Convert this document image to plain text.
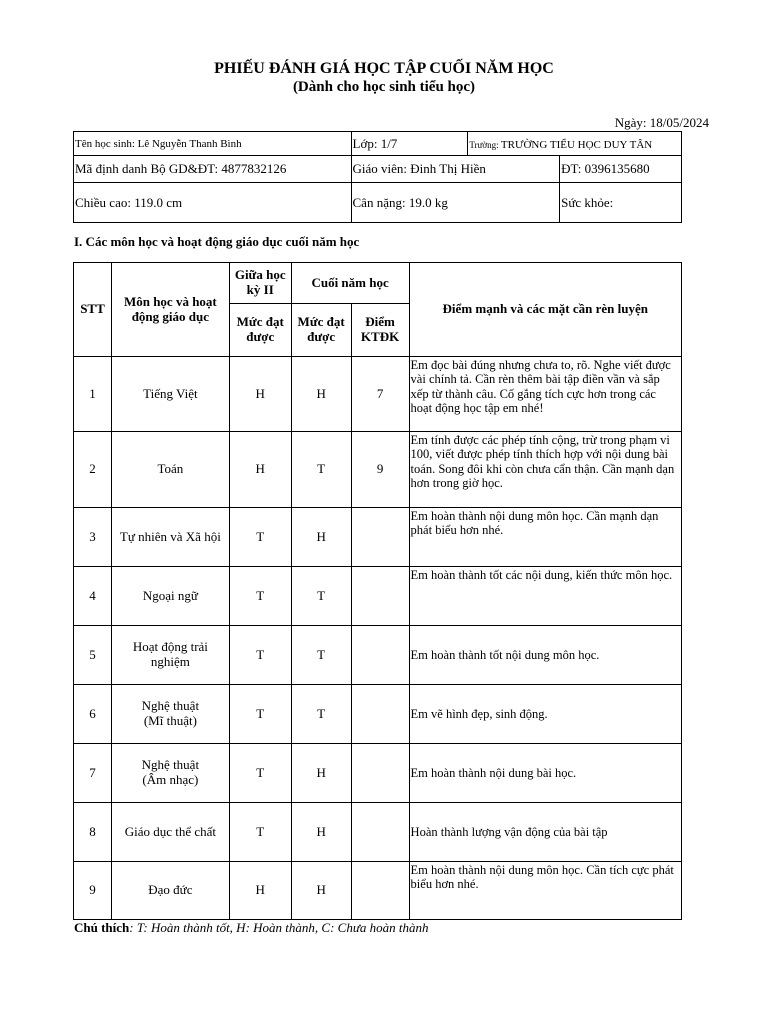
PHIẾU ĐÁNH GIÁ HỌC TẬP CUỐI NĂM HỌC
(Dành cho học sinh tiểu học)
Ngày: 18/05/2024
Tên học sinh: Lê Nguyễn Thanh Bình	Lớp: 1/7	Trường: TRƯỜNG TIỂU HỌC DUY TÂN	
Mã định danh Bộ GD&ĐT: 4877832126	Giáo viên: Đinh Thị Hiền		ĐT: 0396135680
Chiều cao: 119.0 cm	Cân nặng: 19.0 kg		Sức khỏe:
I. Các môn học và hoạt động giáo dục cuối năm học
STT	Môn học và hoạt động giáo dục	Giữa học kỳ II	Cuối năm học		Điểm mạnh và các mặt cần rèn luyện
		Mức đạt được	Mức đạt được	Điểm KTĐK	
1	Tiếng Việt	H	H	7	Em đọc bài đúng nhưng chưa to, rõ. Nghe viết được vài chính tả. Cần rèn thêm bài tập điền vần và sắp xếp từ thành câu. Cố gắng tích cực hơn trong các hoạt động học tập em nhé!
2	Toán	H	T	9	Em tính được các phép tính cộng, trừ trong phạm vi 100, viết được phép tính thích hợp với nội dung bài toán. Song đôi khi còn chưa cẩn thận. Cần mạnh dạn hơn trong giờ học.
3	Tự nhiên và Xã hội	T	H		Em hoàn thành nội dung môn học. Cần mạnh dạn phát biểu hơn nhé.
4	Ngoại ngữ	T	T		Em hoàn thành tốt các nội dung, kiến thức môn học.
5	Hoạt động trải nghiệm	T	T		Em hoàn thành tốt nội dung môn học.
6	Nghệ thuật
(Mĩ thuật)	T	T		Em vẽ hình đẹp, sinh động.
7	Nghệ thuật
(Âm nhạc)	T	H		Em hoàn thành nội dung bài học.
8	Giáo dục thể chất	T	H		Hoàn thành lượng vận động của bài tập
9	Đạo đức	H	H		Em hoàn thành nội dung môn học. Cần tích cực phát biểu hơn nhé.
Chú thích: T: Hoàn thành tốt, H: Hoàn thành, C: Chưa hoàn thành
